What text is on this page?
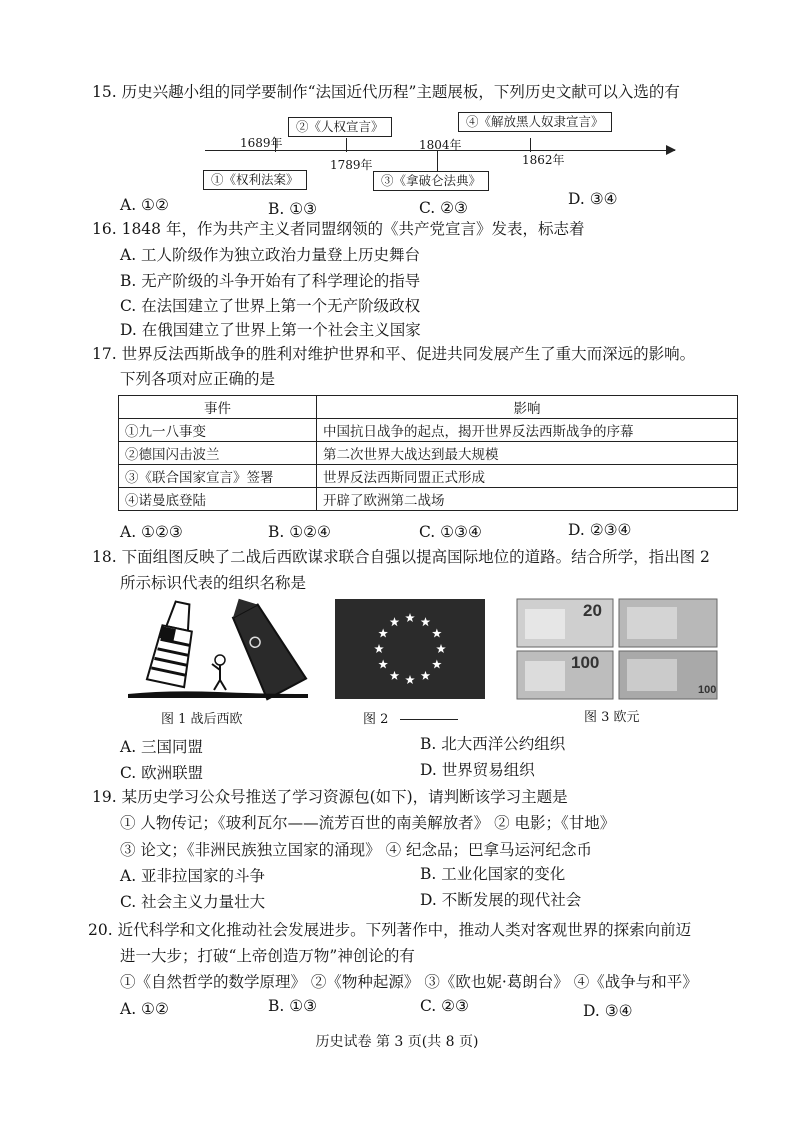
15. 历史兴趣小组的同学要制作“法国近代历程”主题展板，下列历史文献可以入选的有
②《人权宣言》	④《解放黑人奴隶宣言》
①《权利法案》	③《拿破仑法典》
1689年
1789年
1804年
1862年
A. ①②	B. ①③	C. ②③	D. ③④
16. 1848 年，作为共产主义者同盟纲领的《共产党宣言》发表，标志着
A. 工人阶级作为独立政治力量登上历史舞台
B. 无产阶级的斗争开始有了科学理论的指导
C. 在法国建立了世界上第一个无产阶级政权
D. 在俄国建立了世界上第一个社会主义国家
17. 世界反法西斯战争的胜利对维护世界和平、促进共同发展产生了重大而深远的影响。
下列各项对应正确的是
事件	影响
①九一八事变	中国抗日战争的起点，揭开世界反法西斯战争的序幕
②德国闪击波兰	第二次世界大战达到最大规模
③《联合国家宣言》签署	世界反法西斯同盟正式形成
④诺曼底登陆	开辟了欧洲第二战场
A. ①②③	B. ①②④	C. ①③④	D. ②③④
18. 下面组图反映了二战后西欧谋求联合自强以提高国际地位的道路。结合所学，指出图 2
所示标识代表的组织名称是
图 1 战后西欧	图 2
20
100
100
图 3 欧元
A. 三国同盟	B. 北大西洋公约组织
C. 欧洲联盟	D. 世界贸易组织
19. 某历史学习公众号推送了学习资源包(如下)，请判断该学习主题是
① 人物传记；《玻利瓦尔——流芳百世的南美解放者》 ② 电影；《甘地》
③ 论文；《非洲民族独立国家的涌现》 ④ 纪念品；巴拿马运河纪念币
A. 亚非拉国家的斗争	B. 工业化国家的变化
C. 社会主义力量壮大	D. 不断发展的现代社会
20. 近代科学和文化推动社会发展进步。下列著作中，推动人类对客观世界的探索向前迈
进一大步；打破“上帝创造万物”神创论的有
①《自然哲学的数学原理》 ②《物种起源》 ③《欧也妮·葛朗台》 ④《战争与和平》
A. ①②	B. ①③	C. ②③	D. ③④
历史试卷 第 3 页(共 8 页)
